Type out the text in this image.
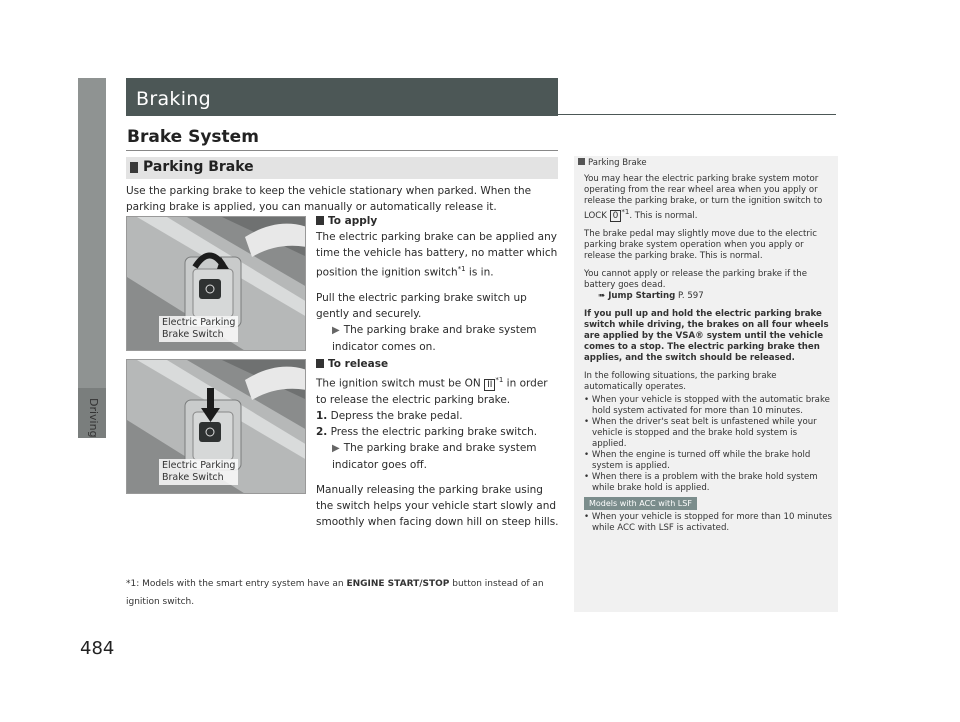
Driving
484
Braking
Brake System
Parking Brake
Use the parking brake to keep the vehicle stationary when parked. When the parking brake is applied, you can manually or automatically release it.
Electric Parking
Brake Switch
Electric Parking
Brake Switch
To apply
The electric parking brake can be applied any time the vehicle has battery, no matter which position the ignition switch$^{*1}$ is in.
Pull the electric parking brake switch up gently and securely.
▶ The parking brake and brake system indicator comes on.
To release
The ignition switch must be ON II $^{*1}$ in order to release the electric parking brake.
1. Depress the brake pedal.
2. Press the electric parking brake switch.
▶ The parking brake and brake system indicator goes off.
Manually releasing the parking brake using the switch helps your vehicle start slowly and smoothly when facing down hill on steep hills.
*1: Models with the smart entry system have an ENGINE START/STOP button instead of an ignition switch.
Parking Brake

You may hear the electric parking brake system motor operating from the rear wheel area when you apply or release the parking brake, or turn the ignition switch to LOCK 0 $^{*1}$. This is normal.

The brake pedal may slightly move due to the electric parking brake system operation when you apply or release the parking brake. This is normal.

You cannot apply or release the parking brake if the battery goes dead.
➠ Jump Starting P. 597

If you pull up and hold the electric parking brake switch while driving, the brakes on all four wheels are applied by the VSA® system until the vehicle comes to a stop. The electric parking brake then applies, and the switch should be released.

In the following situations, the parking brake automatically operates.

• When your vehicle is stopped with the automatic brake hold system activated for more than 10 minutes.
• When the driver's seat belt is unfastened while your vehicle is stopped and the brake hold system is applied.
• When the engine is turned off while the brake hold system is applied.
• When there is a problem with the brake hold system while brake hold is applied.
Models with ACC with LSF
• When your vehicle is stopped for more than 10 minutes while ACC with LSF is activated.
